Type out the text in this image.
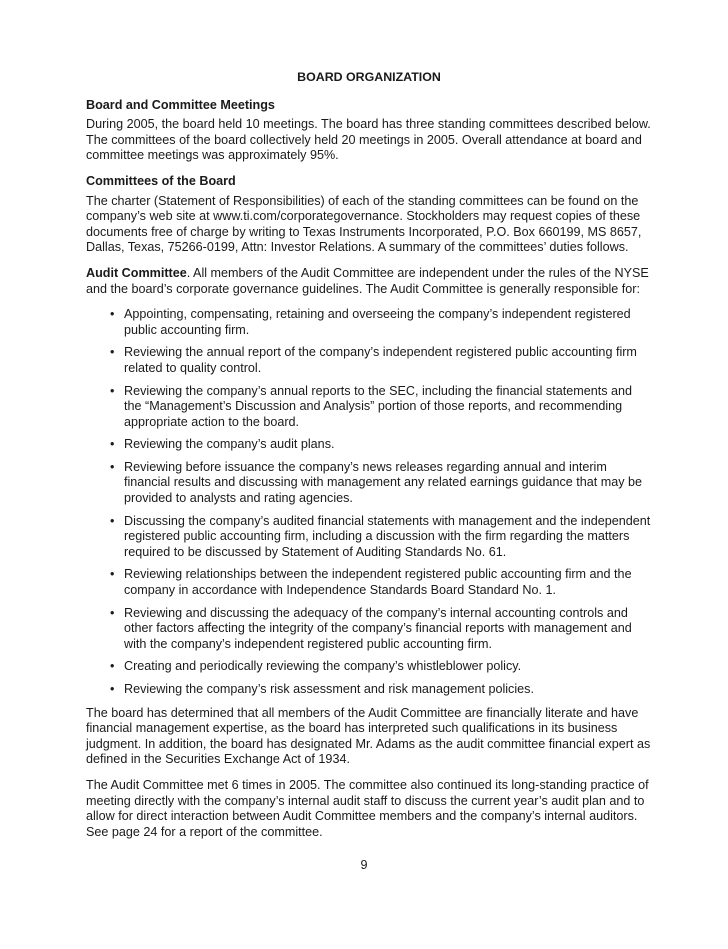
BOARD ORGANIZATION
Board and Committee Meetings

During 2005, the board held 10 meetings. The board has three standing committees described below. The committees of the board collectively held 20 meetings in 2005. Overall attendance at board and committee meetings was approximately 95%.

Committees of the Board

The charter (Statement of Responsibilities) of each of the standing committees can be found on the company’s web site at www.ti.com/corporategovernance. Stockholders may request copies of these documents free of charge by writing to Texas Instruments Incorporated, P.O. Box 660199, MS 8657, Dallas, Texas, 75266-0199, Attn: Investor Relations. A summary of the committees’ duties follows.

Audit Committee. All members of the Audit Committee are independent under the rules of the NYSE and the board’s corporate governance guidelines. The Audit Committee is generally responsible for:

• Appointing, compensating, retaining and overseeing the company’s independent registered public accounting firm.
• Reviewing the annual report of the company’s independent registered public accounting firm related to quality control.
• Reviewing the company’s annual reports to the SEC, including the financial statements and the “Management’s Discussion and Analysis” portion of those reports, and recommending appropriate action to the board.
• Reviewing the company’s audit plans.
• Reviewing before issuance the company’s news releases regarding annual and interim financial results and discussing with management any related earnings guidance that may be provided to analysts and rating agencies.
• Discussing the company’s audited financial statements with management and the independent registered public accounting firm, including a discussion with the firm regarding the matters required to be discussed by Statement of Auditing Standards No. 61.
• Reviewing relationships between the independent registered public accounting firm and the company in accordance with Independence Standards Board Standard No. 1.
• Reviewing and discussing the adequacy of the company’s internal accounting controls and other factors affecting the integrity of the company’s financial reports with management and with the company’s independent registered public accounting firm.
• Creating and periodically reviewing the company’s whistleblower policy.
• Reviewing the company’s risk assessment and risk management policies.

The board has determined that all members of the Audit Committee are financially literate and have financial management expertise, as the board has interpreted such qualifications in its business judgment. In addition, the board has designated Mr. Adams as the audit committee financial expert as defined in the Securities Exchange Act of 1934.

The Audit Committee met 6 times in 2005. The committee also continued its long-standing practice of meeting directly with the company’s internal audit staff to discuss the current year’s audit plan and to allow for direct interaction between Audit Committee members and the company’s internal auditors. See page 24 for a report of the committee.

9
